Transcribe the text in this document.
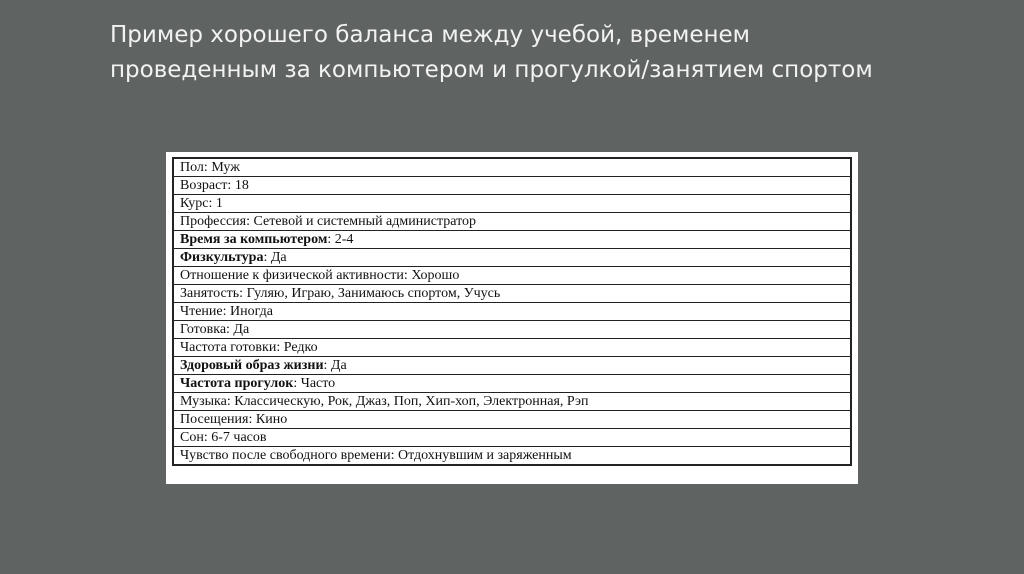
Пример хорошего баланса между учебой, временем
проведенным за компьютером и прогулкой/занятием спортом
Пол: Муж
Возраст: 18
Курс: 1
Профессия: Сетевой и системный администратор
Время за компьютером: 2-4
Физкультура: Да
Отношение к физической активности: Хорошо
Занятость: Гуляю, Играю, Занимаюсь спортом, Учусь
Чтение: Иногда
Готовка: Да
Частота готовки: Редко
Здоровый образ жизни: Да
Частота прогулок: Часто
Музыка: Классическую, Рок, Джаз, Поп, Хип-хоп, Электронная, Рэп
Посещения: Кино
Сон: 6-7 часов
Чувство после свободного времени: Отдохнувшим и заряженным
